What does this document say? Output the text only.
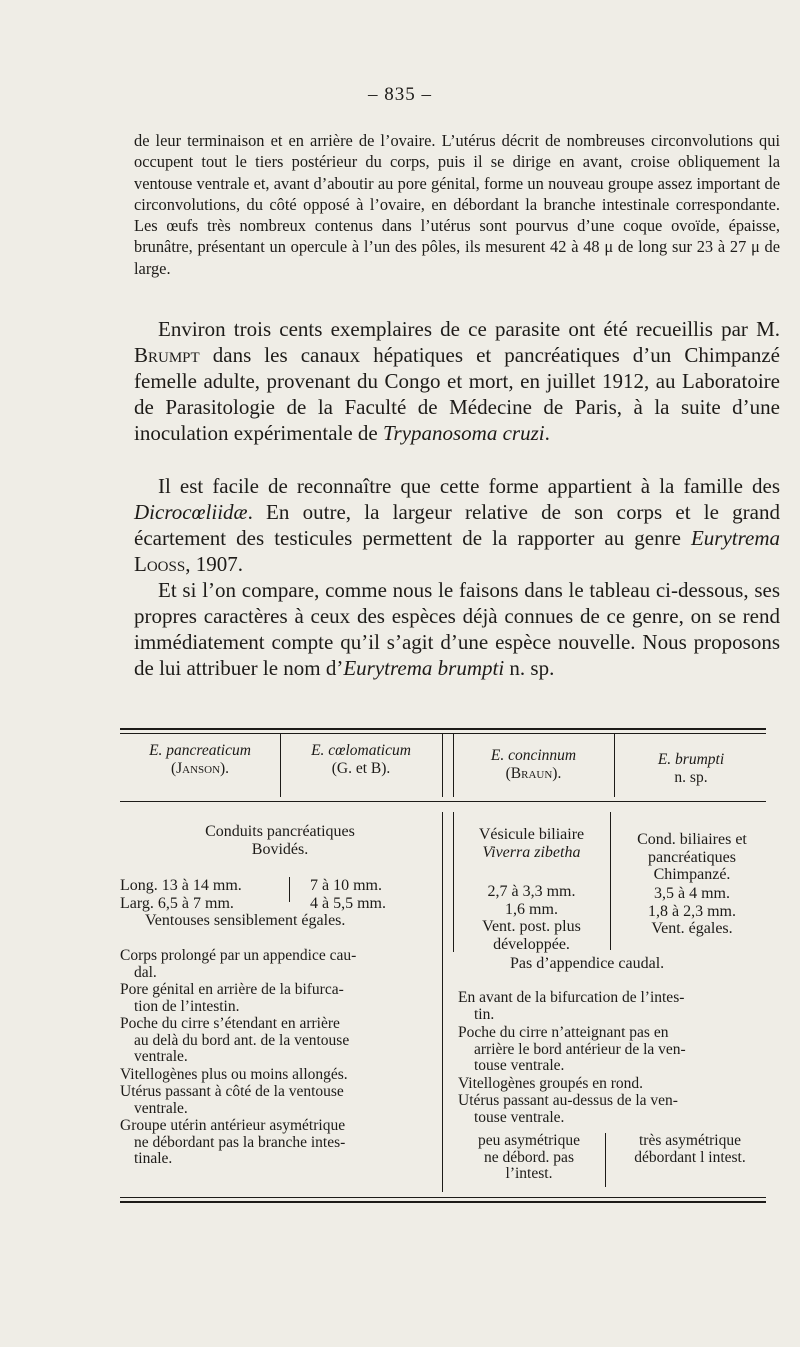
– 835 –
de leur terminaison et en arrière de l’ovaire. L’utérus décrit de nombreuses circonvolutions qui occupent tout le tiers postérieur du corps, puis il se dirige en avant, croise obliquement la ventouse ventrale et, avant d’aboutir au pore génital, forme un nouveau groupe assez important de circonvolutions, du côté opposé à l’ovaire, en débordant la branche intestinale correspondante. Les œufs très nombreux contenus dans l’utérus sont pourvus d’une coque ovoïde, épaisse, brunâtre, présentant un opercule à l’un des pôles, ils mesurent 42 à 48 μ de long sur 23 à 27 μ de large.
Environ trois cents exemplaires de ce parasite ont été recueillis par M. Brumpt dans les canaux hépatiques et pancréatiques d’un Chimpanzé femelle adulte, provenant du Congo et mort, en juillet 1912, au Laboratoire de Parasitologie de la Faculté de Médecine de Paris, à la suite d’une inoculation expérimentale de Trypanosoma cruzi.
Il est facile de reconnaître que cette forme appartient à la famille des Dicrocœliidæ. En outre, la largeur relative de son corps et le grand écartement des testicules permettent de la rapporter au genre Eurytrema Looss, 1907.
Et si l’on compare, comme nous le faisons dans le tableau ci-dessous, ses propres caractères à ceux des espèces déjà connues de ce genre, on se rend immédiatement compte qu’il s’agit d’une espèce nouvelle. Nous proposons de lui attribuer le nom d’Eurytrema brumpti n. sp.
E. pancreaticum
(Janson).
E. cœlomaticum
(G. et B).
E. concinnum
(Braun).
E. brumpti
n. sp.
Conduits pancréatiques
Bovidés.
Vésicule biliaire
Viverra zibetha
Cond. biliaires et
pancréatiques
Chimpanzé.
Long. 13 à 14 mm.
Larg. 6,5 à 7 mm.
7 à 10 mm.
4 à 5,5 mm.
Ventouses sensiblement égales.
2,7 à 3,3 mm.
1,6 mm.
Vent. post. plus
développée.
3,5 à 4 mm.
1,8 à 2,3 mm.
Vent. égales.
Pas d’appendice caudal.
Corps prolongé par un appendice cau-
dal.
Pore génital en arrière de la bifurca-
tion de l’intestin.
Poche du cirre s’étendant en arrière
au delà du bord ant. de la ventouse
ventrale.
Vitellogènes plus ou moins allongés.
Utérus passant à côté de la ventouse
ventrale.
Groupe utérin antérieur asymétrique
ne débordant pas la branche intes-
tinale.
En avant de la bifurcation de l’intes-
tin.
Poche du cirre n’atteignant pas en
arrière le bord antérieur de la ven-
touse ventrale.
Vitellogènes groupés en rond.
Utérus passant au-dessus de la ven-
touse ventrale.
peu asymétrique
ne débord. pas
l’intest.
très asymétrique
débordant l intest.
